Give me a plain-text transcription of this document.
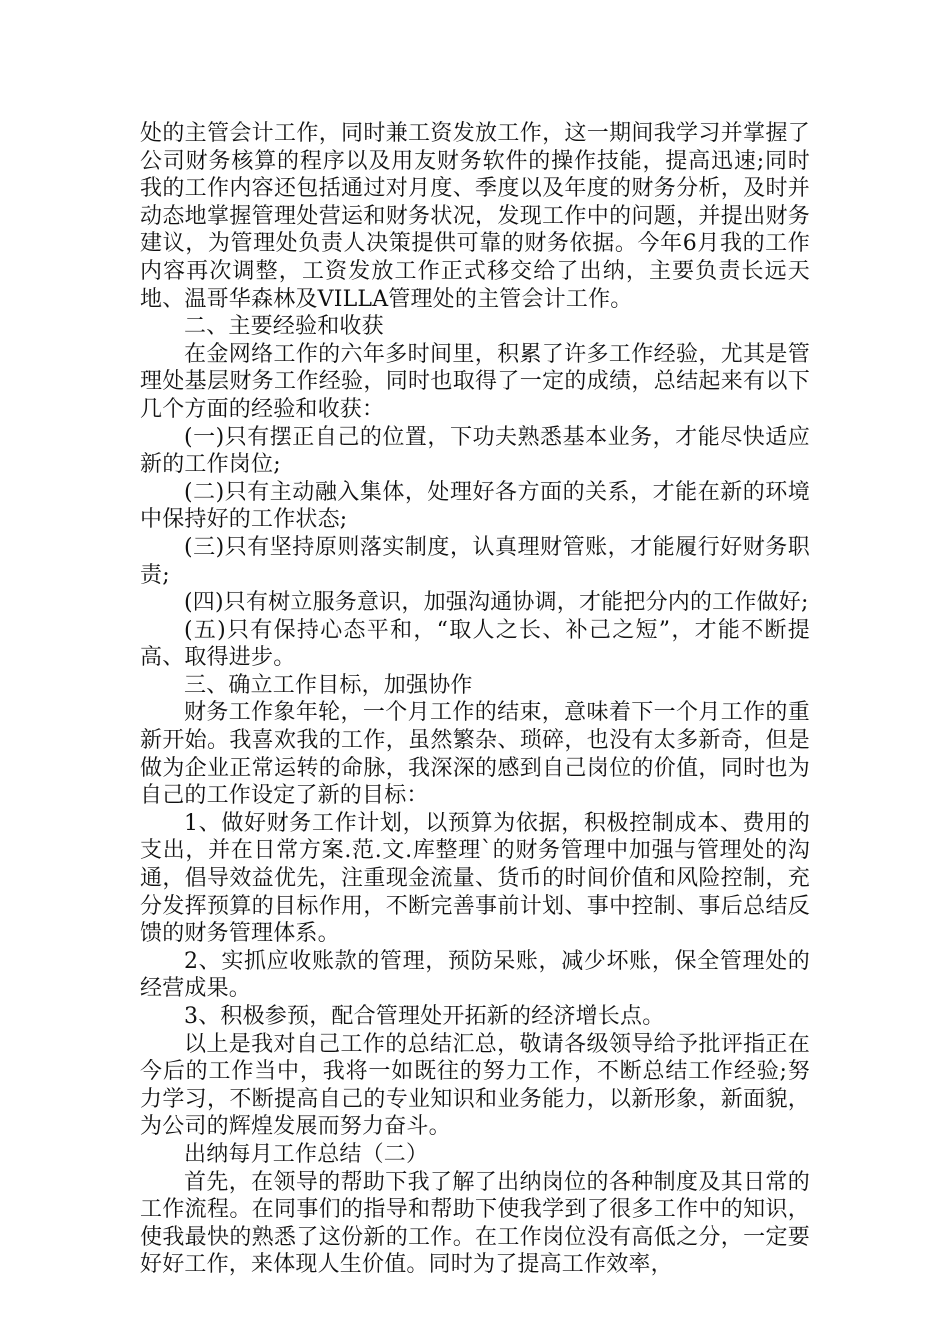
处的主管会计工作，同时兼工资发放工作，这一期间我学习并掌握了公司财务核算的程序以及用友财务软件的操作技能，提高迅速;同时我的工作内容还包括通过对月度、季度以及年度的财务分析，及时并动态地掌握管理处营运和财务状况，发现工作中的问题，并提出财务建议，为管理处负责人决策提供可靠的财务依据。今年6月我的工作内容再次调整，工资发放工作正式移交给了出纳，主要负责长远天地、温哥华森林及VILLA管理处的主管会计工作。

二、主要经验和收获

在金网络工作的六年多时间里，积累了许多工作经验，尤其是管理处基层财务工作经验，同时也取得了一定的成绩，总结起来有以下几个方面的经验和收获：

(一)只有摆正自己的位置，下功夫熟悉基本业务，才能尽快适应新的工作岗位;

(二)只有主动融入集体，处理好各方面的关系，才能在新的环境中保持好的工作状态;

(三)只有坚持原则落实制度，认真理财管账，才能履行好财务职责;

(四)只有树立服务意识，加强沟通协调，才能把分内的工作做好;

(五)只有保持心态平和，“取人之长、补己之短”，才能不断提高、取得进步。

三、确立工作目标，加强协作

财务工作象年轮，一个月工作的结束，意味着下一个月工作的重新开始。我喜欢我的工作，虽然繁杂、琐碎，也没有太多新奇，但是做为企业正常运转的命脉，我深深的感到自己岗位的价值，同时也为自己的工作设定了新的目标：

1、做好财务工作计划，以预算为依据，积极控制成本、费用的支出，并在日常方案.范.文.库整理`的财务管理中加强与管理处的沟通，倡导效益优先，注重现金流量、货币的时间价值和风险控制，充分发挥预算的目标作用，不断完善事前计划、事中控制、事后总结反馈的财务管理体系。

2、实抓应收账款的管理，预防呆账，减少坏账，保全管理处的经营成果。

3、积极参预，配合管理处开拓新的经济增长点。

以上是我对自己工作的总结汇总，敬请各级领导给予批评指正在今后的工作当中，我将一如既往的努力工作，不断总结工作经验;努力学习，不断提高自己的专业知识和业务能力，以新形象，新面貌，为公司的辉煌发展而努力奋斗。

出纳每月工作总结（二）

首先，在领导的帮助下我了解了出纳岗位的各种制度及其日常的工作流程。在同事们的指导和帮助下使我学到了很多工作中的知识，使我最快的熟悉了这份新的工作。在工作岗位没有高低之分，一定要好好工作，来体现人生价值。同时为了提高工作效率，
